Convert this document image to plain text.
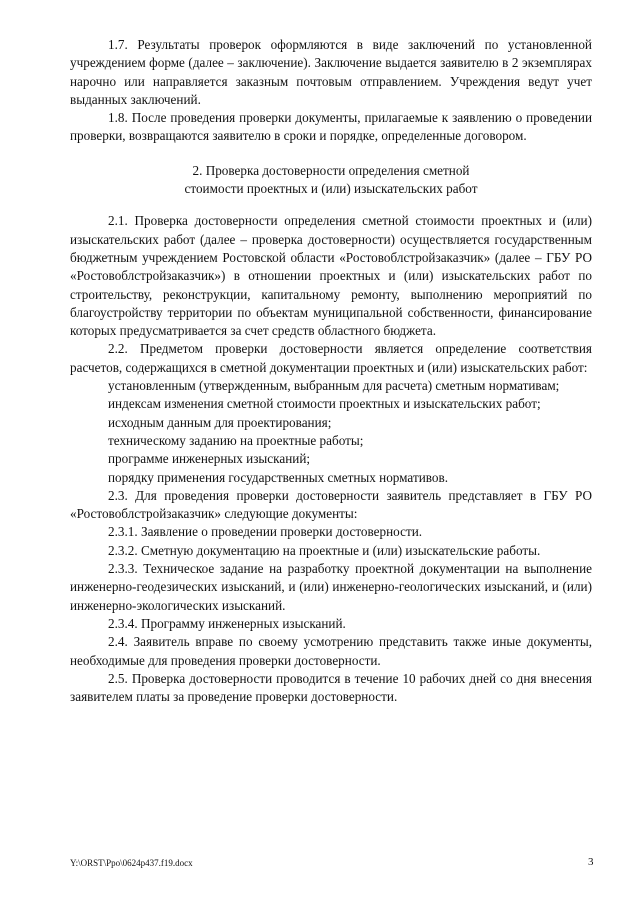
1.7. Результаты проверок оформляются в виде заключений по установленной учреждением форме (далее – заключение). Заключение выдается заявителю в 2 экземплярах нарочно или направляется заказным почтовым отправлением. Учреждения ведут учет выданных заключений.

1.8. После проведения проверки документы, прилагаемые к заявлению о проведении проверки, возвращаются заявителю в сроки и порядке, определенные договором.

2. Проверка достоверности определения сметной

стоимости проектных и (или) изыскательских работ

2.1. Проверка достоверности определения сметной стоимости проектных и (или) изыскательских работ (далее – проверка достоверности) осуществляется государственным бюджетным учреждением Ростовской области «Ростовоблстройзаказчик» (далее – ГБУ РО «Ростовоблстройзаказчик») в отношении проектных и (или) изыскательских работ по строительству, реконструкции, капитальному ремонту, выполнению мероприятий по благоустройству территории по объектам муниципальной собственности, финансирование которых предусматривается за счет средств областного бюджета.

2.2. Предметом проверки достоверности является определение соответствия расчетов, содержащихся в сметной документации проектных и (или) изыскательских работ:

установленным (утвержденным, выбранным для расчета) сметным нормативам;

индексам изменения сметной стоимости проектных и изыскательских работ;

исходным данным для проектирования;

техническому заданию на проектные работы;

программе инженерных изысканий;

порядку применения государственных сметных нормативов.

2.3. Для проведения проверки достоверности заявитель представляет в ГБУ РО «Ростовоблстройзаказчик» следующие документы:

2.3.1. Заявление о проведении проверки достоверности.

2.3.2. Сметную документацию на проектные и (или) изыскательские работы.

2.3.3. Техническое задание на разработку проектной документации на выполнение инженерно-геодезических изысканий, и (или) инженерно-геологических изысканий, и (или) инженерно-экологических изысканий.

2.3.4. Программу инженерных изысканий.

2.4. Заявитель вправе по своему усмотрению представить также иные документы, необходимые для проведения проверки достоверности.

2.5. Проверка достоверности проводится в течение 10 рабочих дней со дня внесения заявителем платы за проведение проверки достоверности.

Y:\ORST\Ppo\0624p437.f19.docx	3
